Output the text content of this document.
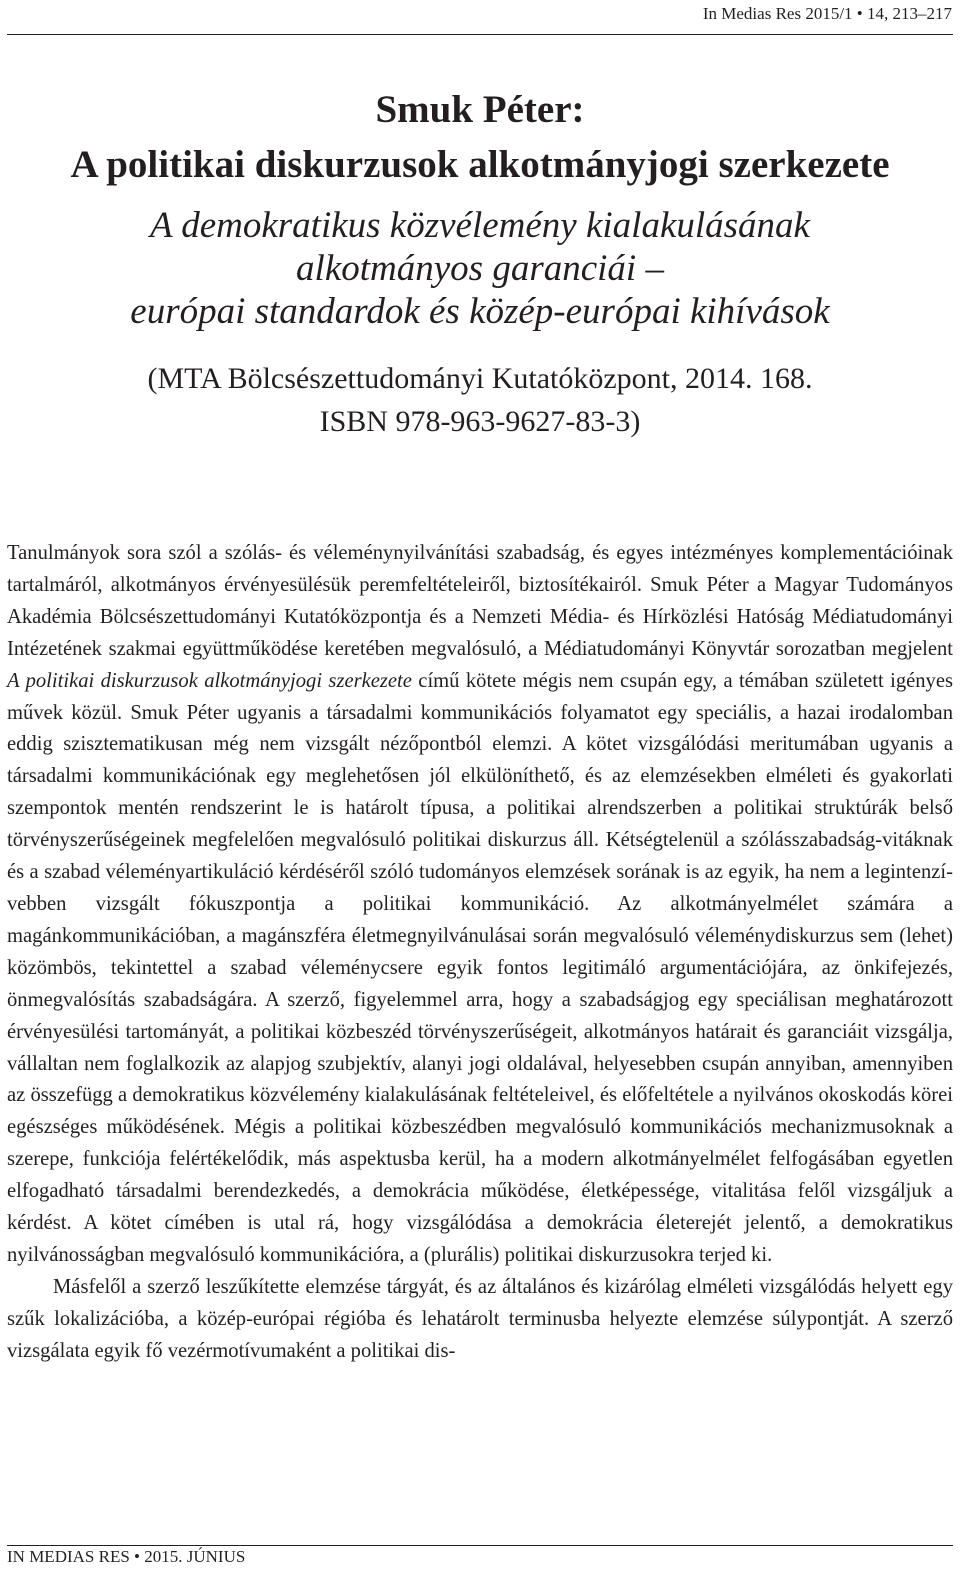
In Medias Res 2015/1 • 14, 213–217
Smuk Péter:
A politikai diskurzusok alkotmányjogi szerkezete
A demokratikus közvélemény kialakulásának
alkotmányos garanciái –
európai standardok és közép-európai kihívások
(MTA Bölcsészettudományi Kutatóközpont, 2014. 168.
ISBN 978-963-9627-83-3)

Tanulmányok sora szól a szólás- és véleménynyilvánítási szabadság, és egyes intézményes komplementációinak tartalmáról, alkotmányos érvényesülésük peremfeltételeiről, biztosítékairól. Smuk Péter a Magyar Tudományos Akadémia Bölcsészettudományi Kutatóközpontja és a Nemzeti Média- és Hírközlési Hatóság Médiatudományi Intézetének szakmai együttműködése keretében megvalósuló, a Médiatudományi Könyvtár sorozatban megjelent A politikai diskurzusok alkotmányjogi szerkezete című kötete mégis nem csupán egy, a témában született igényes művek közül. Smuk Péter ugyanis a társadalmi kommunikációs folyamatot egy speciális, a hazai irodalomban eddig szisztematikusan még nem vizsgált nézőpontból elemzi. A kötet vizsgálódási meritumában ugyanis a társadalmi kommunikációnak egy meglehetősen jól elkülöníthető, és az elemzésekben elméleti és gyakorlati szempontok mentén rendszerint le is határolt típusa, a politikai alrendszerben a politikai struktúrák belső törvényszerűségeinek megfelelően megvalósuló politikai diskurzus áll. Kétségtelenül a szólásszabadság-vitáknak és a szabad véleményartikuláció kérdéséről szóló tudományos elemzések sorának is az egyik, ha nem a legintenzívebben vizsgált fókuszpontja a politikai kommunikáció. Az alkotmányelmélet számára a magánkommunikációban, a magánszféra életmegnyilvánulásai során megvalósuló véleménydiskurzus sem (lehet) közömbös, tekintettel a szabad véleménycsere egyik fontos legitimáló argumentációjára, az önkifejezés, önmegvalósítás szabadságára. A szerző, figyelemmel arra, hogy a szabadságjog egy speciálisan meghatározott érvényesülési tartományát, a politikai közbeszéd törvényszerűségeit, alkotmányos határait és garanciáit vizsgálja, vállaltan nem foglalkozik az alapjog szubjektív, alanyi jogi oldalával, helyesebben csupán annyiban, amennyiben az összefügg a demokratikus közvélemény kialakulásának feltételeivel, és előfeltétele a nyilvános okoskodás körei egészséges működésének. Mégis a politikai közbeszédben megvalósuló kommunikációs mechanizmusoknak a szerepe, funkciója felértékelődik, más aspektusba kerül, ha a modern alkotmányelmélet felfogásában egyetlen elfogadható társadalmi berendezkedés, a demokrácia működése, életképessége, vitalitása felől vizsgáljuk a kérdést. A kötet címében is utal rá, hogy vizsgálódása a demokrácia életerejét jelentő, a demokratikus nyilvánosságban megvalósuló kommunikációra, a (plurális) politikai diskurzusokra terjed ki.

Másfelől a szerző leszűkítette elemzése tárgyát, és az általános és kizárólag elméleti vizsgálódás helyett egy szűk lokalizációba, a közép-európai régióba és lehatárolt terminusba helyezte elemzése súlypontját. A szerző vizsgálata egyik fő vezérmotívumaként a politikai dis-

IN MEDIAS RES • 2015. JÚNIUS
